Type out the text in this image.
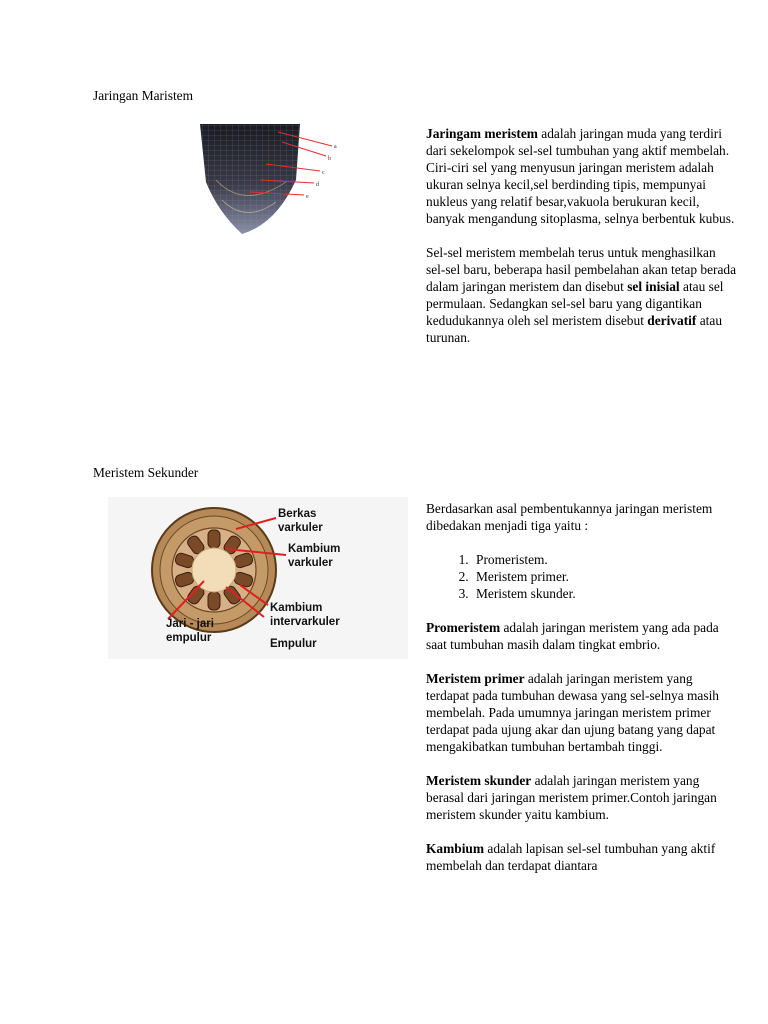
Jaringan Maristem
a
b
c
d
e

Jaringam meristem adalah jaringan muda yang terdiri dari sekelompok sel-sel tumbuhan yang aktif membelah. Ciri-ciri sel yang menyusun jaringan meristem adalah ukuran selnya kecil,sel berdinding tipis, mempunyai nukleus yang relatif besar,vakuola berukuran kecil, banyak mengandung sitoplasma, selnya berbentuk kubus.

Sel-sel meristem membelah terus untuk menghasilkan sel-sel baru, beberapa hasil pembelahan akan tetap berada dalam jaringan meristem dan disebut sel inisial atau sel permulaan. Sedangkan sel-sel baru yang digantikan kedudukannya oleh sel meristem disebut derivatif atau turunan.

Meristem Sekunder
Berkas
varkuler
Kambium
varkuler
Kambium
intervarkuler
Jari - jari
empulur	Empulur

Berdasarkan asal pembentukannya jaringan meristem dibedakan menjadi tiga yaitu :

1. Promeristem.
2. Meristem primer.
3. Meristem skunder.

Promeristem adalah jaringan meristem yang ada pada saat tumbuhan masih dalam tingkat embrio.

Meristem primer adalah jaringan meristem yang terdapat pada tumbuhan dewasa yang sel-selnya masih membelah. Pada umumnya jaringan meristem primer terdapat pada ujung akar dan ujung batang yang dapat mengakibatkan tumbuhan bertambah tinggi.

Meristem skunder adalah jaringan meristem yang berasal dari jaringan meristem primer.Contoh jaringan meristem skunder yaitu kambium.

Kambium adalah lapisan sel-sel tumbuhan yang aktif membelah dan terdapat diantara
